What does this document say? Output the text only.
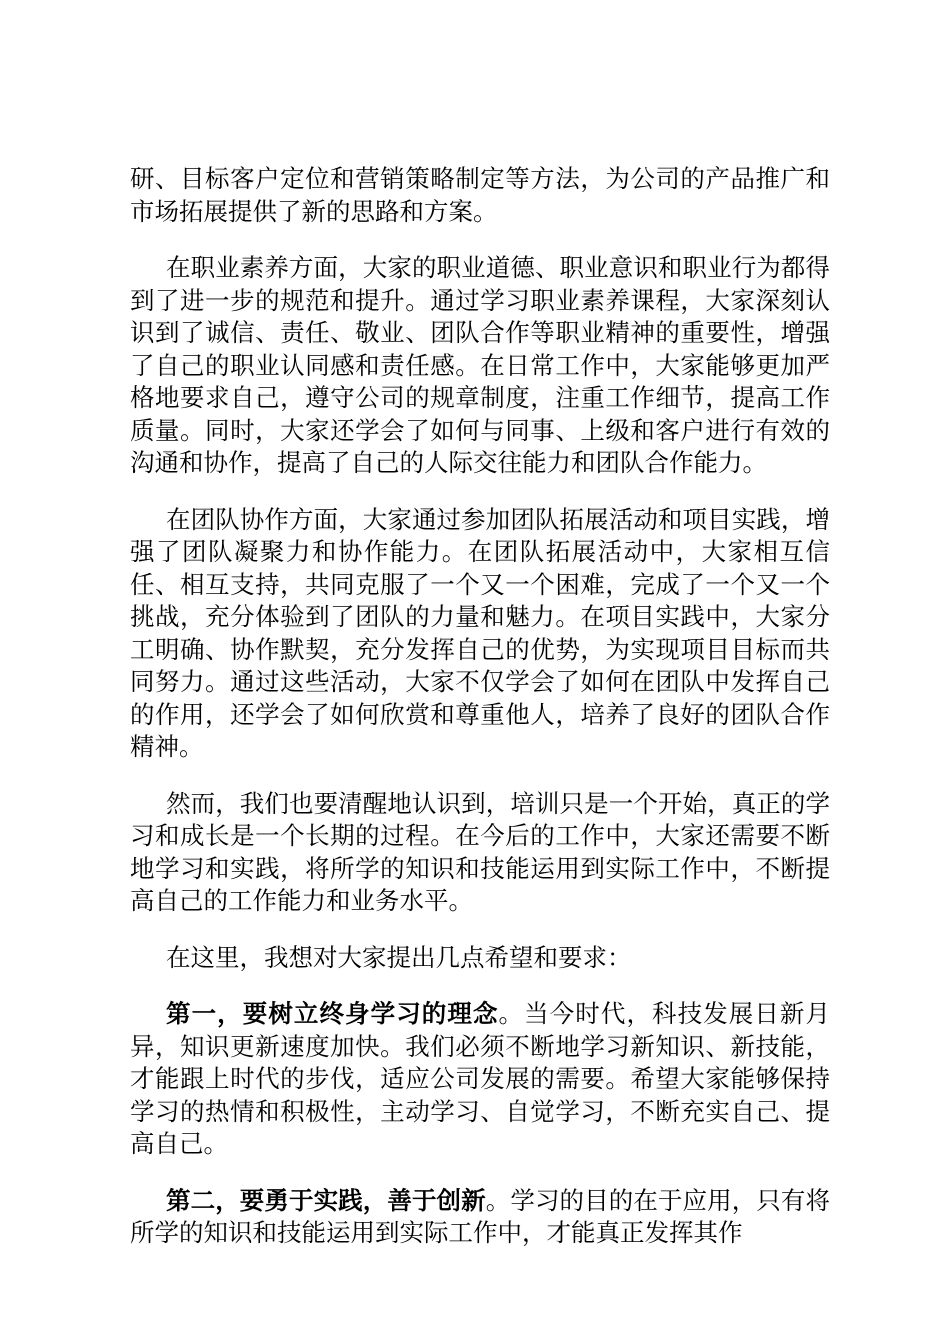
研、目标客户定位和营销策略制定等方法，为公司的产品推广和市场拓展提供了新的思路和方案。

在职业素养方面，大家的职业道德、职业意识和职业行为都得到了进一步的规范和提升。通过学习职业素养课程，大家深刻认识到了诚信、责任、敬业、团队合作等职业精神的重要性，增强了自己的职业认同感和责任感。在日常工作中，大家能够更加严格地要求自己，遵守公司的规章制度，注重工作细节，提高工作质量。同时，大家还学会了如何与同事、上级和客户进行有效的沟通和协作，提高了自己的人际交往能力和团队合作能力。

在团队协作方面，大家通过参加团队拓展活动和项目实践，增强了团队凝聚力和协作能力。在团队拓展活动中，大家相互信任、相互支持，共同克服了一个又一个困难，完成了一个又一个挑战，充分体验到了团队的力量和魅力。在项目实践中，大家分工明确、协作默契，充分发挥自己的优势，为实现项目目标而共同努力。通过这些活动，大家不仅学会了如何在团队中发挥自己的作用，还学会了如何欣赏和尊重他人，培养了良好的团队合作精神。

然而，我们也要清醒地认识到，培训只是一个开始，真正的学习和成长是一个长期的过程。在今后的工作中，大家还需要不断地学习和实践，将所学的知识和技能运用到实际工作中，不断提高自己的工作能力和业务水平。

在这里，我想对大家提出几点希望和要求：

第一，要树立终身学习的理念。当今时代，科技发展日新月异，知识更新速度加快。我们必须不断地学习新知识、新技能，才能跟上时代的步伐，适应公司发展的需要。希望大家能够保持学习的热情和积极性，主动学习、自觉学习，不断充实自己、提高自己。

第二，要勇于实践，善于创新。学习的目的在于应用，只有将所学的知识和技能运用到实际工作中，才能真正发挥其作
